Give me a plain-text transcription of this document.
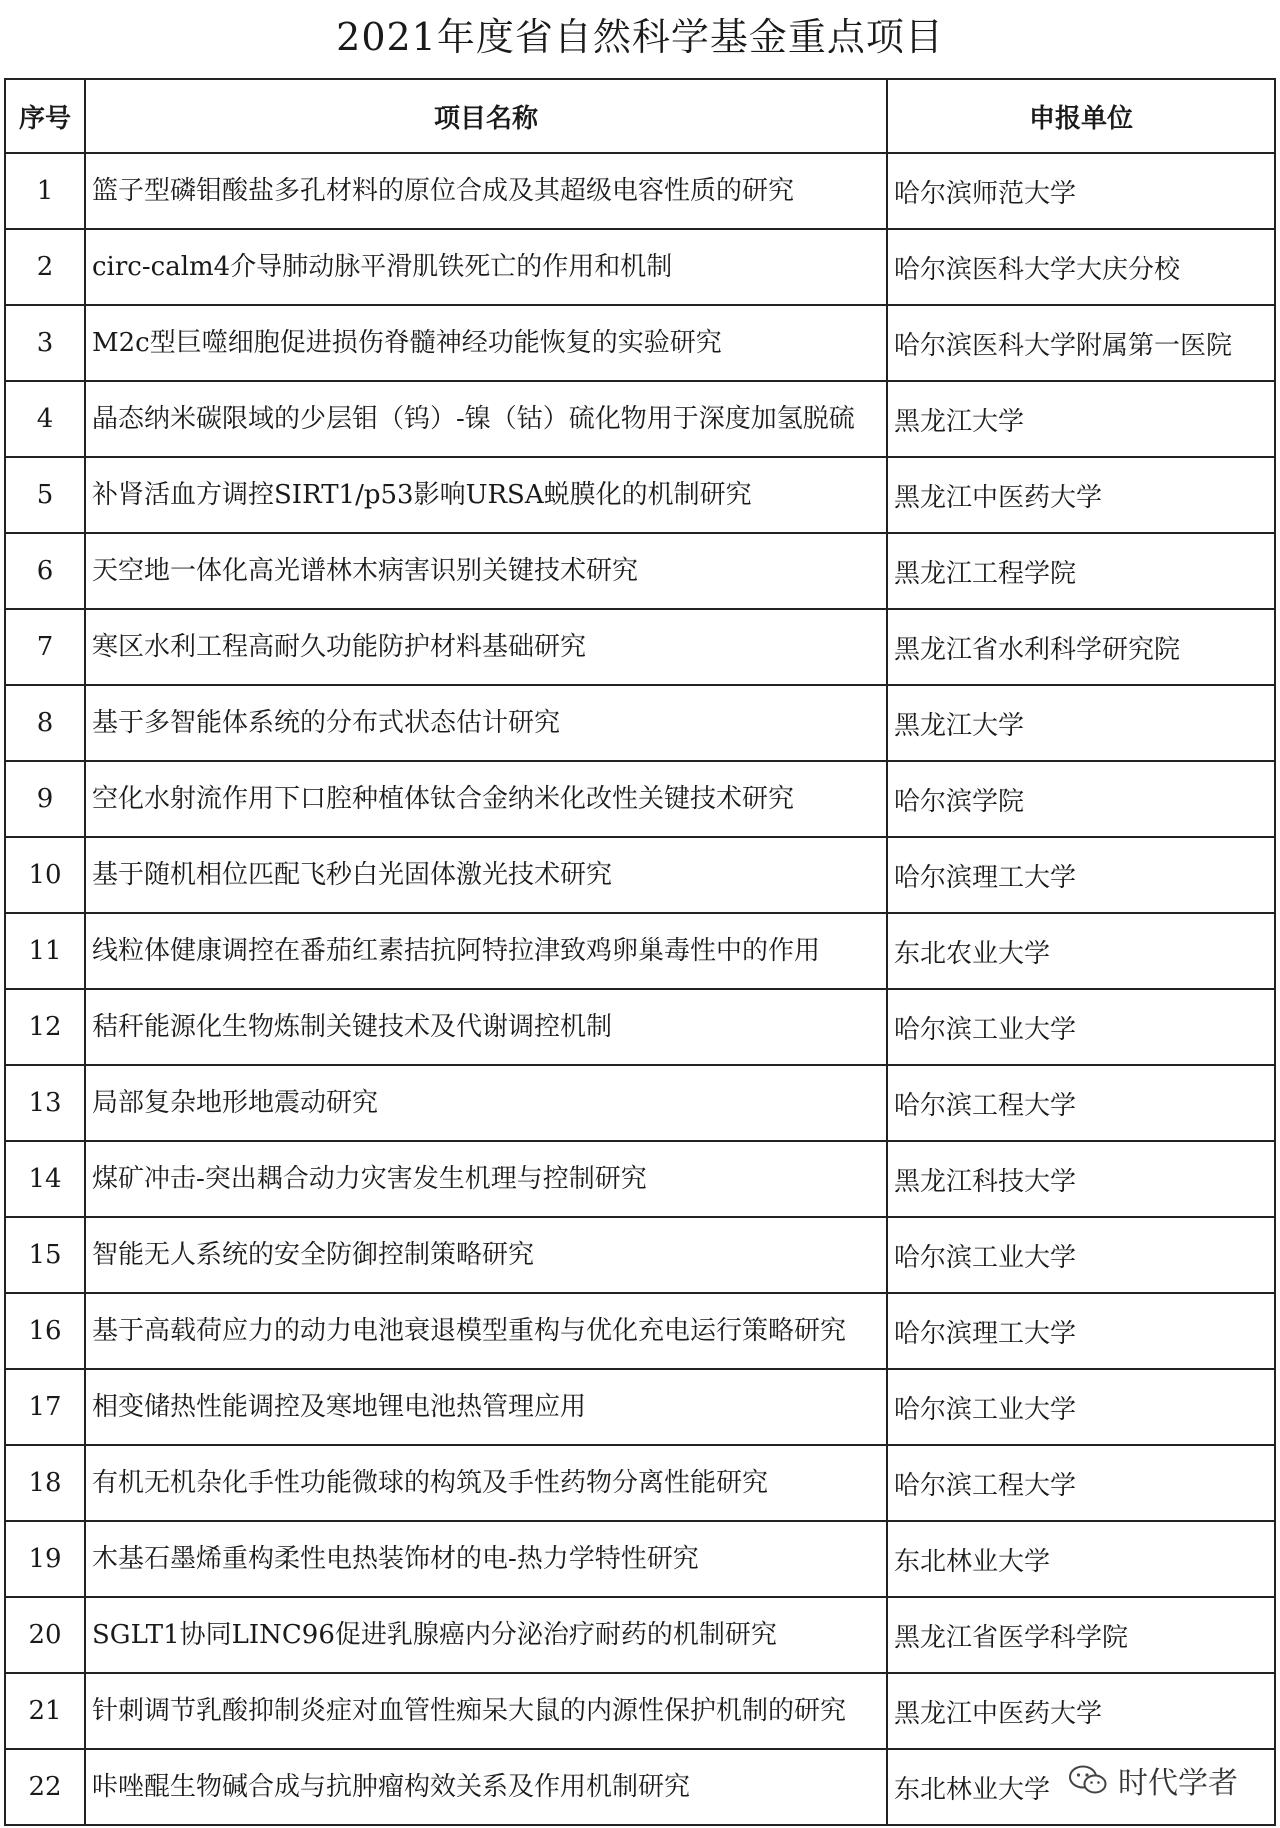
2021年度省自然科学基金重点项目
序号	项目名称	申报单位
1	篮子型磷钼酸盐多孔材料的原位合成及其超级电容性质的研究	哈尔滨师范大学
2	circ-calm4介导肺动脉平滑肌铁死亡的作用和机制	哈尔滨医科大学大庆分校
3	M2c型巨噬细胞促进损伤脊髓神经功能恢复的实验研究	哈尔滨医科大学附属第一医院
4	晶态纳米碳限域的少层钼（钨）-镍（钴）硫化物用于深度加氢脱硫	黑龙江大学
5	补肾活血方调控SIRT1/p53影响URSA蜕膜化的机制研究	黑龙江中医药大学
6	天空地一体化高光谱林木病害识别关键技术研究	黑龙江工程学院
7	寒区水利工程高耐久功能防护材料基础研究	黑龙江省水利科学研究院
8	基于多智能体系统的分布式状态估计研究	黑龙江大学
9	空化水射流作用下口腔种植体钛合金纳米化改性关键技术研究	哈尔滨学院
10	基于随机相位匹配飞秒白光固体激光技术研究	哈尔滨理工大学
11	线粒体健康调控在番茄红素拮抗阿特拉津致鸡卵巢毒性中的作用	东北农业大学
12	秸秆能源化生物炼制关键技术及代谢调控机制	哈尔滨工业大学
13	局部复杂地形地震动研究	哈尔滨工程大学
14	煤矿冲击-突出耦合动力灾害发生机理与控制研究	黑龙江科技大学
15	智能无人系统的安全防御控制策略研究	哈尔滨工业大学
16	基于高载荷应力的动力电池衰退模型重构与优化充电运行策略研究	哈尔滨理工大学
17	相变储热性能调控及寒地锂电池热管理应用	哈尔滨工业大学
18	有机无机杂化手性功能微球的构筑及手性药物分离性能研究	哈尔滨工程大学
19	木基石墨烯重构柔性电热装饰材的电-热力学特性研究	东北林业大学
20	SGLT1协同LINC96促进乳腺癌内分泌治疗耐药的机制研究	黑龙江省医学科学院
21	针刺调节乳酸抑制炎症对血管性痴呆大鼠的内源性保护机制的研究	黑龙江中医药大学
22	咔唑醌生物碱合成与抗肿瘤构效关系及作用机制研究	东北林业大学 时代学者
